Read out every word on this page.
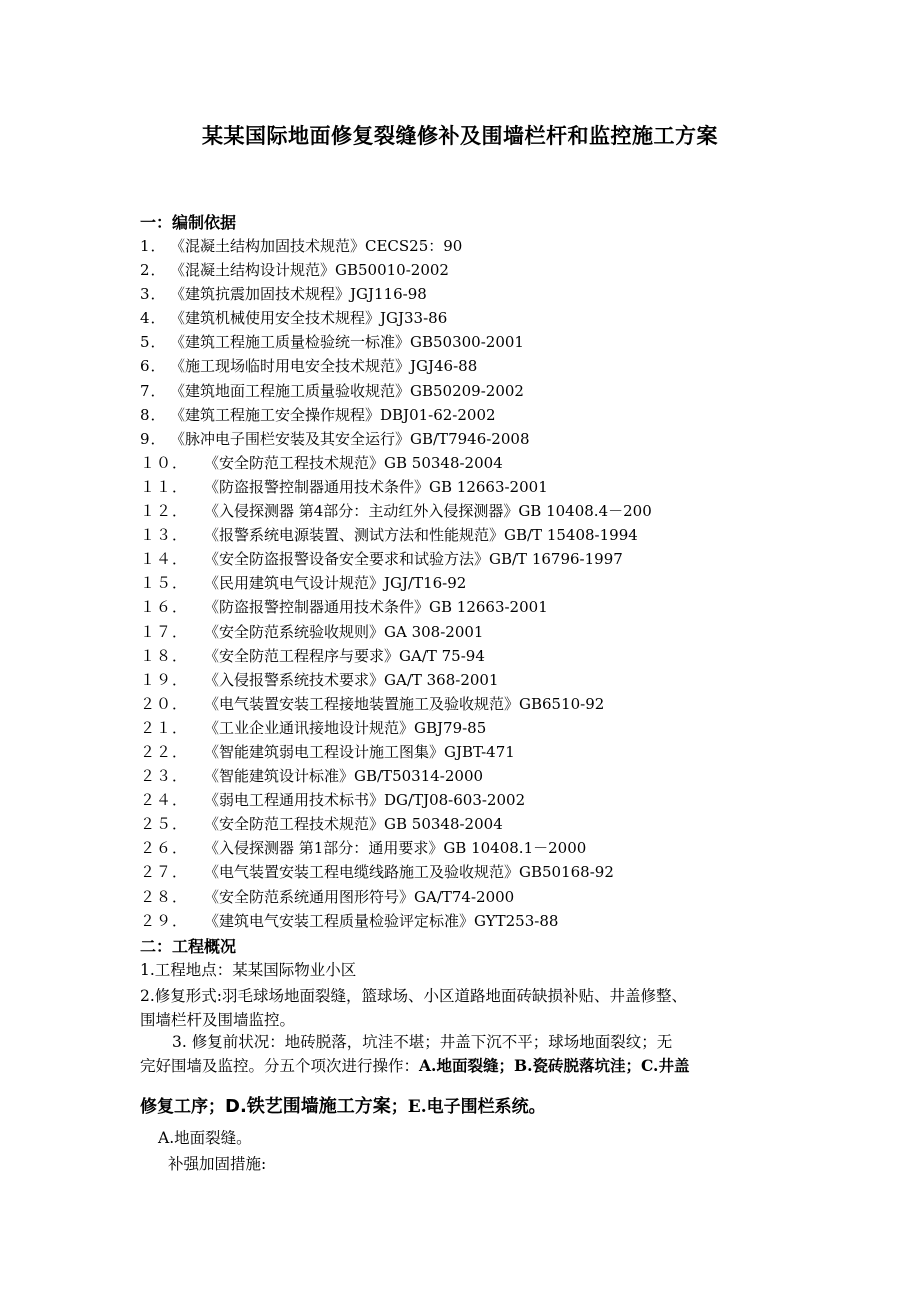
某某国际地面修复裂缝修补及围墙栏杆和监控施工方案
一：编制依据
1． 《混凝土结构加固技术规范》CECS25：90
2． 《混凝土结构设计规范》GB50010-2002
3． 《建筑抗震加固技术规程》JGJ116-98
4． 《建筑机械使用安全技术规程》JGJ33-86
5． 《建筑工程施工质量检验统一标准》GB50300-2001
6． 《施工现场临时用电安全技术规范》JGJ46-88
7． 《建筑地面工程施工质量验收规范》GB50209-2002
8． 《建筑工程施工安全操作规程》DBJ01-62-2002
9． 《脉冲电子围栏安装及其安全运行》GB/T7946-2008
１０．	《安全防范工程技术规范》GB 50348-2004
１１．	《防盗报警控制器通用技术条件》GB 12663-2001
１２．	《入侵探测器 第4部分：主动红外入侵探测器》GB 10408.4－200
１３．	《报警系统电源装置、测试方法和性能规范》GB/T 15408-1994
１４．	《安全防盗报警设备安全要求和试验方法》GB/T 16796-1997
１５．	《民用建筑电气设计规范》JGJ/T16-92
１６．	《防盗报警控制器通用技术条件》GB 12663-2001
１７．	《安全防范系统验收规则》GA 308-2001
１８．	《安全防范工程程序与要求》GA/T 75-94
１９．	《入侵报警系统技术要求》GA/T 368-2001
２０．	《电气装置安装工程接地装置施工及验收规范》GB6510-92
２１．	《工业企业通讯接地设计规范》GBJ79-85
２２．	《智能建筑弱电工程设计施工图集》GJBT-471
２３．	《智能建筑设计标准》GB/T50314-2000
２４．	《弱电工程通用技术标书》DG/TJ08-603-2002
２５．	《安全防范工程技术规范》GB 50348-2004
２６．	《入侵探测器 第1部分：通用要求》GB 10408.1－2000
２７．	《电气装置安装工程电缆线路施工及验收规范》GB50168-92
２８．	《安全防范系统通用图形符号》GA/T74-2000
２９．	《建筑电气安装工程质量检验评定标准》GYT253-88
二：工程概况
1.工程地点：某某国际物业小区
2.修复形式:羽毛球场地面裂缝，篮球场、小区道路地面砖缺损补贴、井盖修整、
围墙栏杆及围墙监控。
3. 修复前状况：地砖脱落，坑洼不堪；井盖下沉不平；球场地面裂纹；无
完好围墙及监控。分五个项次进行操作：A.地面裂缝；B.瓷砖脱落坑洼；C.井盖
修复工序；D.铁艺围墙施工方案；E.电子围栏系统。
A.地面裂缝。
补强加固措施:
